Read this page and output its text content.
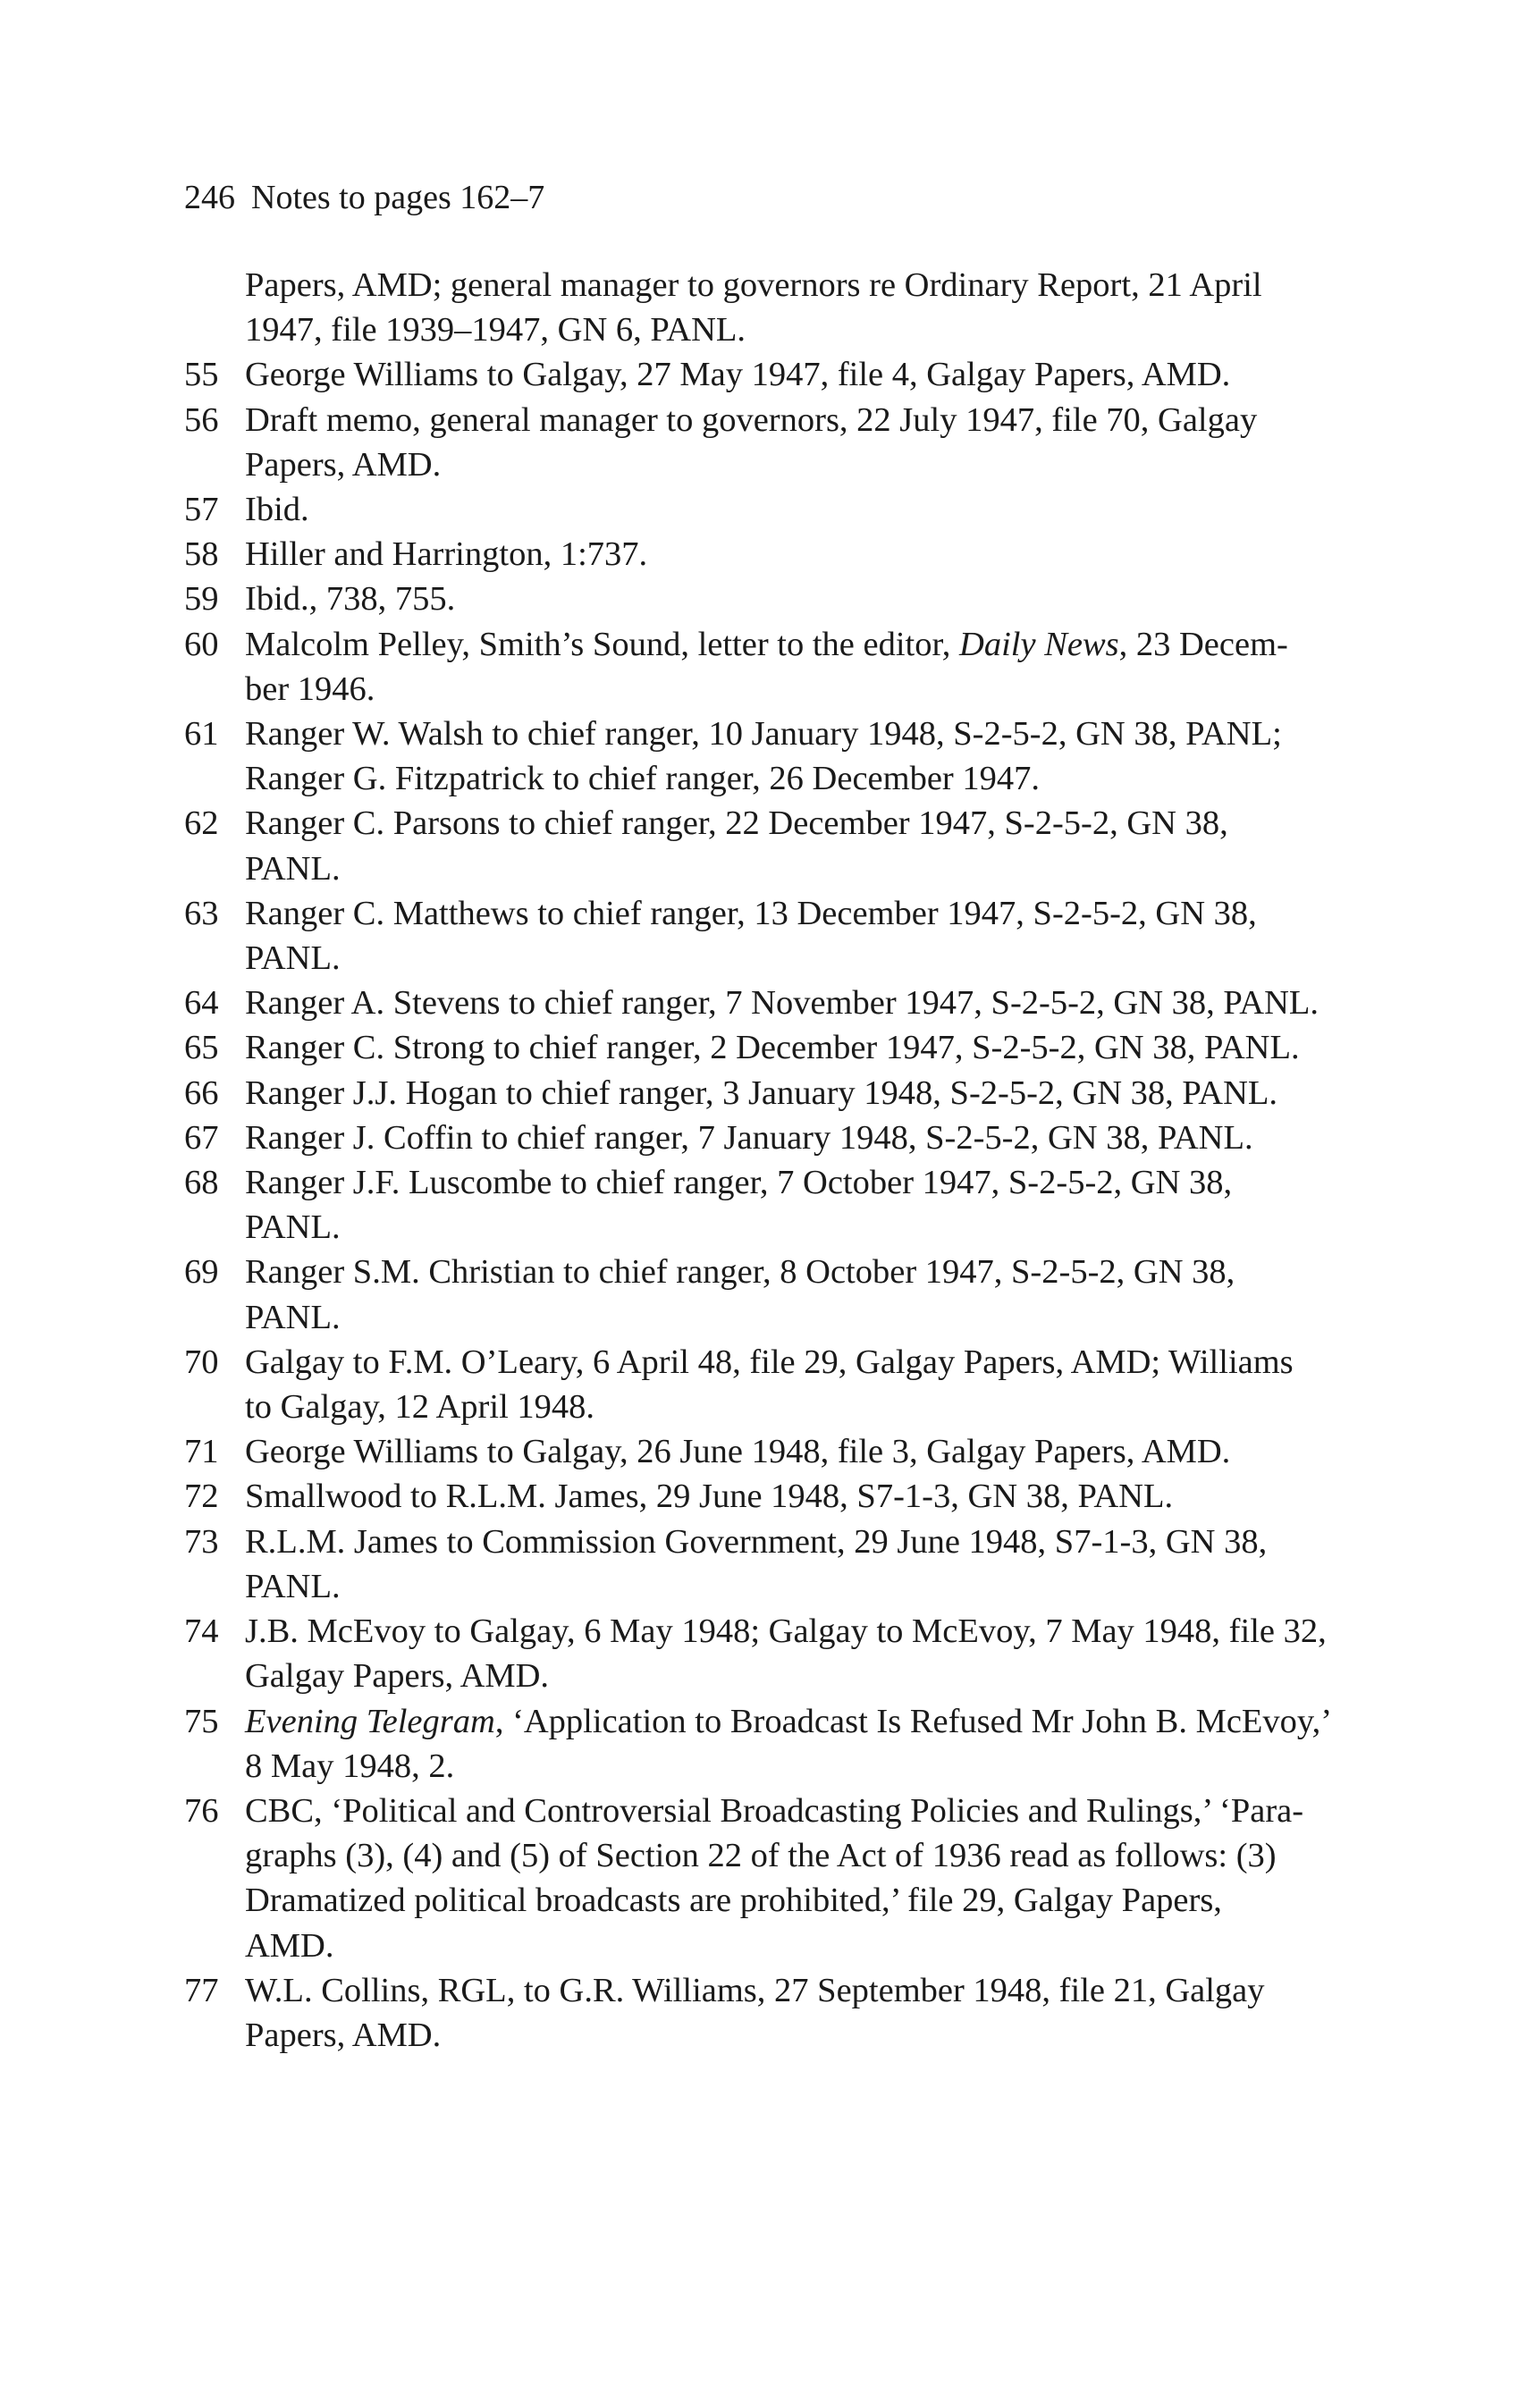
246 Notes to pages 162–7
Papers, AMD; general manager to governors re Ordinary Report, 21 April
1947, file 1939–1947, GN 6, PANL.
55 George Williams to Galgay, 27 May 1947, file 4, Galgay Papers, AMD.
56 Draft memo, general manager to governors, 22 July 1947, file 70, Galgay
Papers, AMD.
57 Ibid.
58 Hiller and Harrington, 1:737.
59 Ibid., 738, 755.
60 Malcolm Pelley, Smith’s Sound, letter to the editor, Daily News, 23 Decem-
ber 1946.
61 Ranger W. Walsh to chief ranger, 10 January 1948, S-2-5-2, GN 38, PANL;
Ranger G. Fitzpatrick to chief ranger, 26 December 1947.
62 Ranger C. Parsons to chief ranger, 22 December 1947, S-2-5-2, GN 38,
PANL.
63 Ranger C. Matthews to chief ranger, 13 December 1947, S-2-5-2, GN 38,
PANL.
64 Ranger A. Stevens to chief ranger, 7 November 1947, S-2-5-2, GN 38, PANL.
65 Ranger C. Strong to chief ranger, 2 December 1947, S-2-5-2, GN 38, PANL.
66 Ranger J.J. Hogan to chief ranger, 3 January 1948, S-2-5-2, GN 38, PANL.
67 Ranger J. Coffin to chief ranger, 7 January 1948, S-2-5-2, GN 38, PANL.
68 Ranger J.F. Luscombe to chief ranger, 7 October 1947, S-2-5-2, GN 38,
PANL.
69 Ranger S.M. Christian to chief ranger, 8 October 1947, S-2-5-2, GN 38,
PANL.
70 Galgay to F.M. O’Leary, 6 April 48, file 29, Galgay Papers, AMD; Williams
to Galgay, 12 April 1948.
71 George Williams to Galgay, 26 June 1948, file 3, Galgay Papers, AMD.
72 Smallwood to R.L.M. James, 29 June 1948, S7-1-3, GN 38, PANL.
73 R.L.M. James to Commission Government, 29 June 1948, S7-1-3, GN 38,
PANL.
74 J.B. McEvoy to Galgay, 6 May 1948; Galgay to McEvoy, 7 May 1948, file 32,
Galgay Papers, AMD.
75 Evening Telegram, ‘Application to Broadcast Is Refused Mr John B. McEvoy,’
8 May 1948, 2.
76 CBC, ‘Political and Controversial Broadcasting Policies and Rulings,’ ‘Para-
graphs (3), (4) and (5) of Section 22 of the Act of 1936 read as follows: (3)
Dramatized political broadcasts are prohibited,’ file 29, Galgay Papers,
AMD.
77 W.L. Collins, RGL, to G.R. Williams, 27 September 1948, file 21, Galgay
Papers, AMD.
